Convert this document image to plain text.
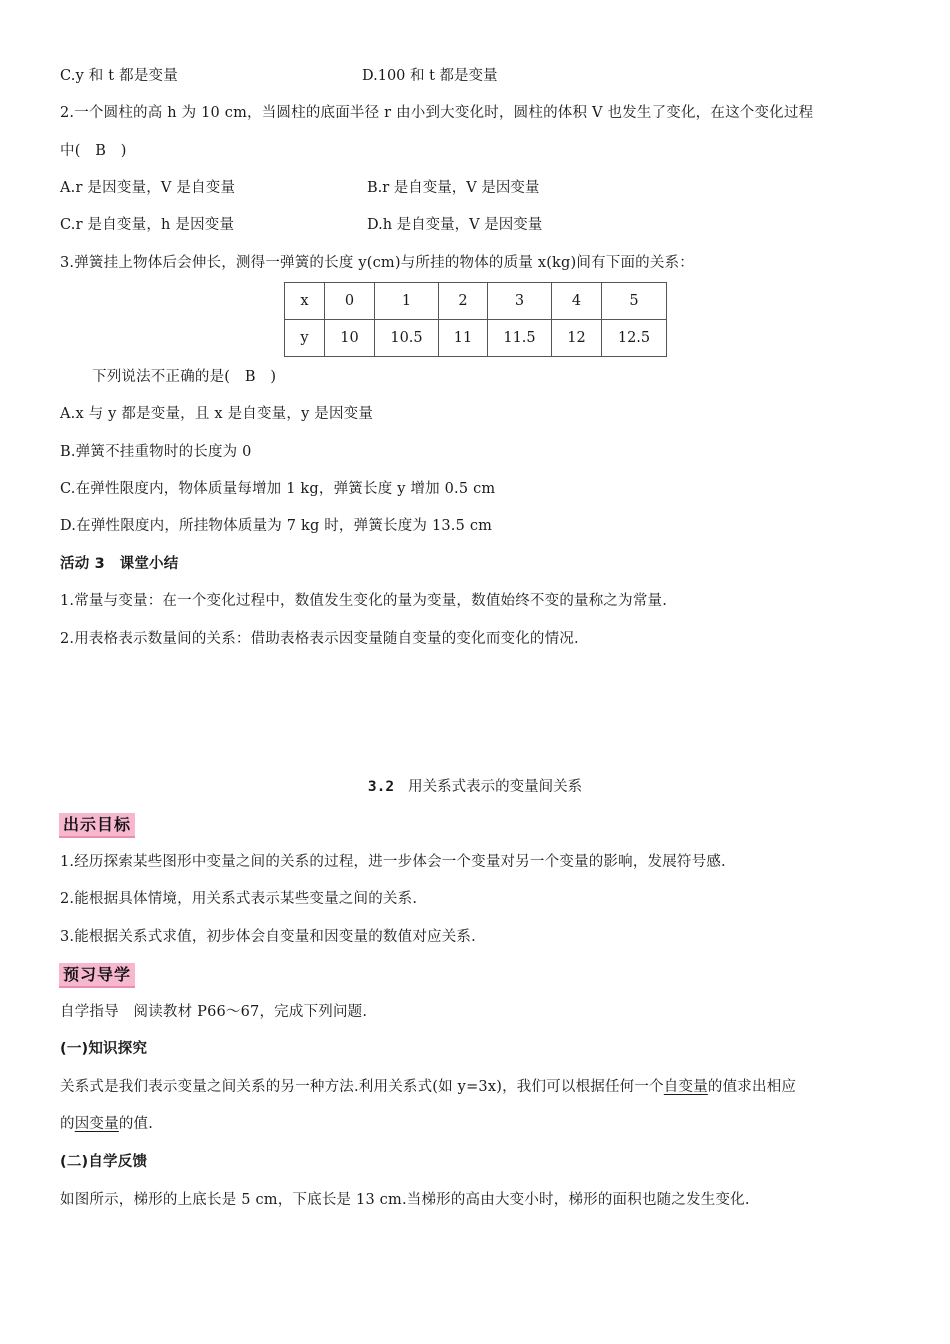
C.y 和 t 都是变量	D.100 和 t 都是变量
2.一个圆柱的高 h 为 10 cm，当圆柱的底面半径 r 由小到大变化时，圆柱的体积 V 也发生了变化，在这个变化过程
中(　B　)
A.r 是因变量，V 是自变量	B.r 是自变量，V 是因变量
C.r 是自变量，h 是因变量	D.h 是自变量，V 是因变量
3.弹簧挂上物体后会伸长，测得一弹簧的长度 y(cm)与所挂的物体的质量 x(kg)间有下面的关系：
x	0	1	2	3	4	5
y	10	10.5	11	11.5	12	12.5
下列说法不正确的是(　B　)
A.x 与 y 都是变量，且 x 是自变量，y 是因变量
B.弹簧不挂重物时的长度为 0
C.在弹性限度内，物体质量每增加 1 kg，弹簧长度 y 增加 0.5 cm
D.在弹性限度内，所挂物体质量为 7 kg 时，弹簧长度为 13.5 cm
活动 3　课堂小结
1.常量与变量：在一个变化过程中，数值发生变化的量为变量，数值始终不变的量称之为常量.
2.用表格表示数量间的关系：借助表格表示因变量随自变量的变化而变化的情况.
3.2 用关系式表示的变量间关系
出示目标
1.经历探索某些图形中变量之间的关系的过程，进一步体会一个变量对另一个变量的影响，发展符号感.
2.能根据具体情境，用关系式表示某些变量之间的关系.
3.能根据关系式求值，初步体会自变量和因变量的数值对应关系.
预习导学
自学指导　阅读教材 P66～67，完成下列问题.
(一)知识探究
关系式是我们表示变量之间关系的另一种方法.利用关系式(如 y=3x)，我们可以根据任何一个自变量的值求出相应
的因变量的值.
(二)自学反馈
如图所示，梯形的上底长是 5 cm，下底长是 13 cm.当梯形的高由大变小时，梯形的面积也随之发生变化.
